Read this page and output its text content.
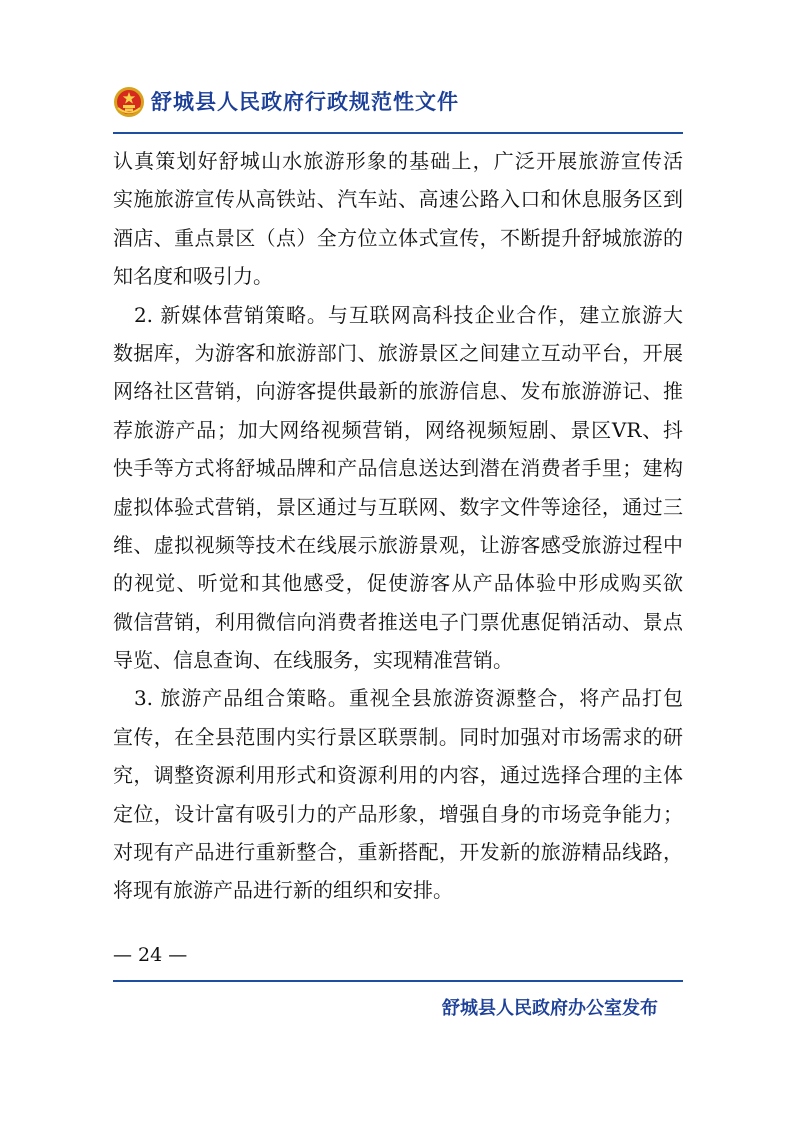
舒城县人民政府行政规范性文件
认真策划好舒城山水旅游形象的基础上，广泛开展旅游宣传活
实施旅游宣传从高铁站、汽车站、高速公路入口和休息服务区到
酒店、重点景区（点）全方位立体式宣传，不断提升舒城旅游的
知名度和吸引力。
　2. 新媒体营销策略。与互联网高科技企业合作，建立旅游大
数据库，为游客和旅游部门、旅游景区之间建立互动平台，开展
网络社区营销，向游客提供最新的旅游信息、发布旅游游记、推
荐旅游产品；加大网络视频营销，网络视频短剧、景区VR、抖
快手等方式将舒城品牌和产品信息送达到潜在消费者手里；建构
虚拟体验式营销，景区通过与互联网、数字文件等途径，通过三
维、虚拟视频等技术在线展示旅游景观，让游客感受旅游过程中
的视觉、听觉和其他感受，促使游客从产品体验中形成购买欲
微信营销，利用微信向消费者推送电子门票优惠促销活动、景点
导览、信息查询、在线服务，实现精准营销。
　3. 旅游产品组合策略。重视全县旅游资源整合，将产品打包
宣传，在全县范围内实行景区联票制。同时加强对市场需求的研
究，调整资源利用形式和资源利用的内容，通过选择合理的主体
定位，设计富有吸引力的产品形象，增强自身的市场竞争能力；
对现有产品进行重新整合，重新搭配，开发新的旅游精品线路，
将现有旅游产品进行新的组织和安排。
— 24 —
舒城县人民政府办公室发布
